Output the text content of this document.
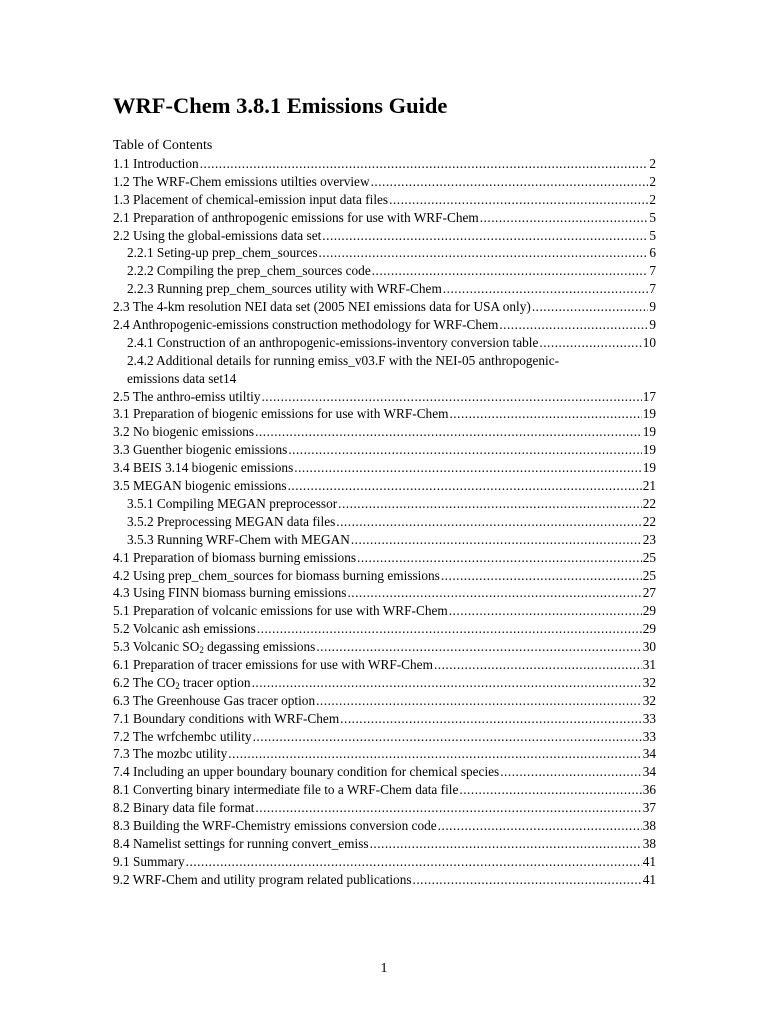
WRF-Chem 3.8.1 Emissions Guide
Table of Contents
1.1 Introduction .....	2
1.2 The WRF-Chem emissions utilties overview .....	2
1.3 Placement of chemical-emission input data files .....	2
2.1 Preparation of anthropogenic emissions for use with WRF-Chem .....	5
2.2 Using the global-emissions data set .....	5
2.2.1 Seting-up prep_chem_sources .....	6
2.2.2 Compiling the prep_chem_sources code .....	7
2.2.3 Running prep_chem_sources utility with WRF-Chem .....	7
2.3 The 4-km resolution NEI data set (2005 NEI emissions data for USA only) .....	9
2.4 Anthropogenic-emissions construction methodology for WRF-Chem .....	9
2.4.1 Construction of an anthropogenic-emissions-inventory conversion table .....	10
2.4.2 Additional details for running emiss_v03.F with the NEI-05 anthropogenic-
emissions data set 14
2.5 The anthro-emiss utiltiy .....	17
3.1 Preparation of biogenic emissions for use with WRF-Chem .....	19
3.2 No biogenic emissions .....	19
3.3 Guenther biogenic emissions .....	19
3.4 BEIS 3.14 biogenic emissions .....	19
3.5 MEGAN biogenic emissions .....	21
3.5.1 Compiling MEGAN preprocessor .....	22
3.5.2 Preprocessing MEGAN data files .....	22
3.5.3 Running WRF-Chem with MEGAN .....	23
4.1 Preparation of biomass burning emissions .....	25
4.2 Using prep_chem_sources for biomass burning emissions .....	25
4.3 Using FINN biomass burning emissions .....	27
5.1 Preparation of volcanic emissions for use with WRF-Chem .....	29
5.2 Volcanic ash emissions .....	29
5.3 Volcanic $SO_2$ degassing emissions .....	30
6.1 Preparation of tracer emissions for use with WRF-Chem .....	31
6.2 The $CO_2$ tracer option .....	32
6.3 The Greenhouse Gas tracer option .....	32
7.1 Boundary conditions with WRF-Chem .....	33
7.2 The wrfchembc utility .....	33
7.3 The mozbc utility .....	34
7.4 Including an upper boundary bounary condition for chemical species .....	34
8.1 Converting binary intermediate file to a WRF-Chem data file .....	36
8.2 Binary data file format .....	37
8.3 Building the WRF-Chemistry emissions conversion code .....	38
8.4 Namelist settings for running convert_emiss .....	38
9.1 Summary .....	41
9.2 WRF-Chem and utility program related publications .....	41
1
